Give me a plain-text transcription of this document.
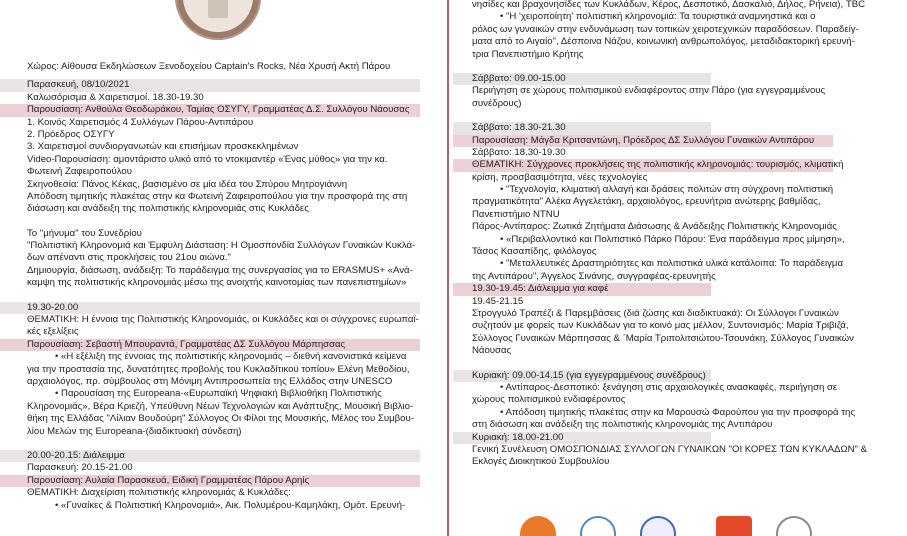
Χώρος: Αίθουσα Εκδηλώσεων Ξενοδοχείου Captain's Rocks, Νέα Χρυσή Ακτή Πάρου
Παρασκευή, 08/10/2021
Καλωσόρισμα & Χαιρετισμοί. 18.30-19.30
Παρουσίαση: Ανθούλα Θεοδωράκου, Ταμίας ΟΣΥΓΥ, Γραμματέας Δ.Σ. Συλλόγου Νάουσας
1. Κοινός Χαιρετισμός 4 Συλλόγων Πάρου-Αντιπάρου
2. Πρόεδρος ΟΣΥΓΥ
3. Χαιρετισμοί συνδιοργανωτών και επισήμων προσκεκλημένων
Video-Παρουσίαση: αμοντάριστο υλικό από το ντοκιμαντέρ «Ένας μύθος» για την κα.
Φωτεινή Ζαφειροπούλου
Σκηνοθεσία: Πάνος Κέκας, βασισμένο σε μία ιδέα του Σπύρου Μητρογιάννη
Απόδοση τιμητικής πλακέτας στην κα Φωτεινή Ζαφειροπούλου για την προσφορά της στη
διάσωση και ανάδειξη της πολιτιστικής κληρονομιάς στις Κυκλάδες
Το "μήνυμα" του Συνεδρίου
"Πολιτιστική Κληρονομιά και Έμφυλη Διάσταση: Η Ομοσπονδία Συλλόγων Γυναικών Κυκλά-
δων απέναντι στις προκλήσεις του 21ου αιώνα."
Δημιουργία, διάσωση, ανάδειξη: Το παράδειγμα της συνεργασίας για το ERASMUS+ «Ανά-
καμψη της πολιτιστικής κληρονομιάς μέσω της ανοιχτής καινοτομίας των πανεπιστημίων»
19.30-20.00
ΘΕΜΑΤΙΚΗ: Η έννοια της Πολιτιστικής Κληρονομιάς, οι Κυκλάδες και οι σύγχρονες ευρωπαϊ-
κές εξελίξεις
Παρουσίαση: Σεβαστή Μπουραντά, Γραμματέας ΔΣ Συλλόγου Μάρπησσας
• «Η εξέλιξη της έννοιας της πολιτιστικής κληρονομιάς – διεθνή κανονιστικά κείμενα
για την προστασία της, δυνατότητες προβολής του Κυκλαδίτικου τοπίου» Ελένη Μεθοδίου,
αρχαιολόγος, πρ. σύμβουλος στη Μόνιμη Αντιπροσωπεία της Ελλάδος στην UNESCO
• Παρουσίαση της Europeana-«Ευρωπαϊκή Ψηφιακή Βιβλιοθήκη Πολιτιστικής
Κληρονομιάς», Βέρα Κριεζή, Υπεύθυνη Νέων Τεχνολογιών και Ανάπτυξης, Μουσική Βιβλιο-
θήκη της Ελλάδας "Λίλιαν Βουδούρη" Σύλλογος Οι Φίλοι της Μουσικής, Μέλος του Συμβου-
λίου Μελών της Europeana-(διαδικτυακή σύνδεση)
20.00-20.15: Διάλειμμα
Παρασκευή: 20.15-21.00
Παρουσίαση: Αυλαία Παρασκευά, Ειδική Γραμματέας Πάρου Αρηίς
ΘΕΜΑΤΙΚΗ: Διαχείριση πολιτιστικής κληρονομιάς & Κυκλάδες:
• «Γυναίκες & Πολιτιστική Κληρονομιά», Αικ. Πολυμέρου-Καμηλάκη, Ομότ. Ερευνή-
νησίδες και βραχονησίδες των Κυκλάδων, Κέρος, Δεσποτικό, Δασκαλιό, Δήλος, Ρήνεια), TBC
• "Η 'χειροποίητη' πολιτιστική κληρονομιά: Τα τουριστικά αναμνηστικά και ο
ρόλος ων γυναικών στην ενδυνάμωση των τοπικών χειροτεχνικών παραδόσεων. Παραδείγ-
ματα από το Αιγαίο", Δέσποινα Νάζου, κοινωνική ανθρωπολόγος, μεταδιδακτορική ερευνή-
τρια Πανεπιστήμιο Κρήτης
Σάββατο: 09.00-15.00
Περιήγηση σε χώρους πολιτισμικού ενδιαφέροντος στην Πάρο (για εγγεγραμμένους
συνέδρους)
Σάββατο: 18.30-21.30
Παρουσίαση: Μάγδα Κριτσαντώνη, Πρόεδρος ΔΣ Συλλόγου Γυναικών Αντιπάρου
Σάββατο: 18.30-19.30
ΘΕΜΑΤΙΚΗ: Σύγχρονες προκλήσεις της πολιτιστικής κληρονομιάς: τουρισμός, κλιματική
κρίση, προσβασιμότητα, νέες τεχνολογίες
• "Τεχνολογία, κλιματική αλλαγή και δράσεις πολιτών στη σύγχρονη πολιτιστική
πραγματικότητα" Αλέκα Αγγελετάκη, αρχαιολόγος, ερευνήτρια ανώτερης βαθμίδας,
Πανεπιστήμιο NTNU
Πάρος-Αντίπαρος: Ζωτικά Ζητήματα Διάσωσης & Ανάδειξης Πολιτιστικής Κληρονομιάς
• «Περιβαλλοντικό και Πολιτιστικό Πάρκο Πάρου: Ένα παράδειγμα προς μίμηση»,
Τάσος Κασαπίδης, φιλόλογος
• "Μεταλλευτικές Δραστηριότητες και πολιτιστικά υλικά κατάλοιπα: Το παράδειγμα
της Αντιπάρου", Άγγελος Σινάνης, συγγραφέας-ερευνητής
19.30-19.45: Διάλειμμα για καφέ
19.45-21.15
Στρογγυλό Τραπέζι & Παρεμβάσεις (διά ζώσης και διαδικτυακά): Οι Σύλλογοι Γυναικών
συζητούν με φορείς των Κυκλάδων για το κοινό μας μέλλον, Συντονισμός: Μαρία Τριβιζά,
Σύλλογος Γυναικών Μάρπησσας & ΄Μαρία Τριπολιτσιώτου-Τσουνάκη, Σύλλογος Γυναικών
Νάουσας
Κυριακή: 09.00-14.15 (για εγγεγραμμένους συνέδρους)
• Αντίπαρος-Δεσποτικό: ξενάγηση στις αρχαιολογικές ανασκαφές, περιήγηση σε
χώρους πολιτισμικού ενδιαφέροντος
• Απόδοση τιμητικής πλακέτας στην κα Μαρουσώ Φαρούπου για την προσφορά της
στη διάσωση και ανάδειξη της πολιτιστικής κληρονομιάς της Αντιπάρου
Κυριακή: 18.00-21.00
Γενική Συνέλευση ΟΜΟΣΠΟΝΔΙΑΣ ΣΥΛΛΟΓΩΝ ΓΥΝΑΙΚΩΝ "ΟΙ ΚΟΡΕΣ ΤΩΝ ΚΥΚΛΑΔΩΝ" &
Εκλογές Διοικητικού Συμβουλίου
